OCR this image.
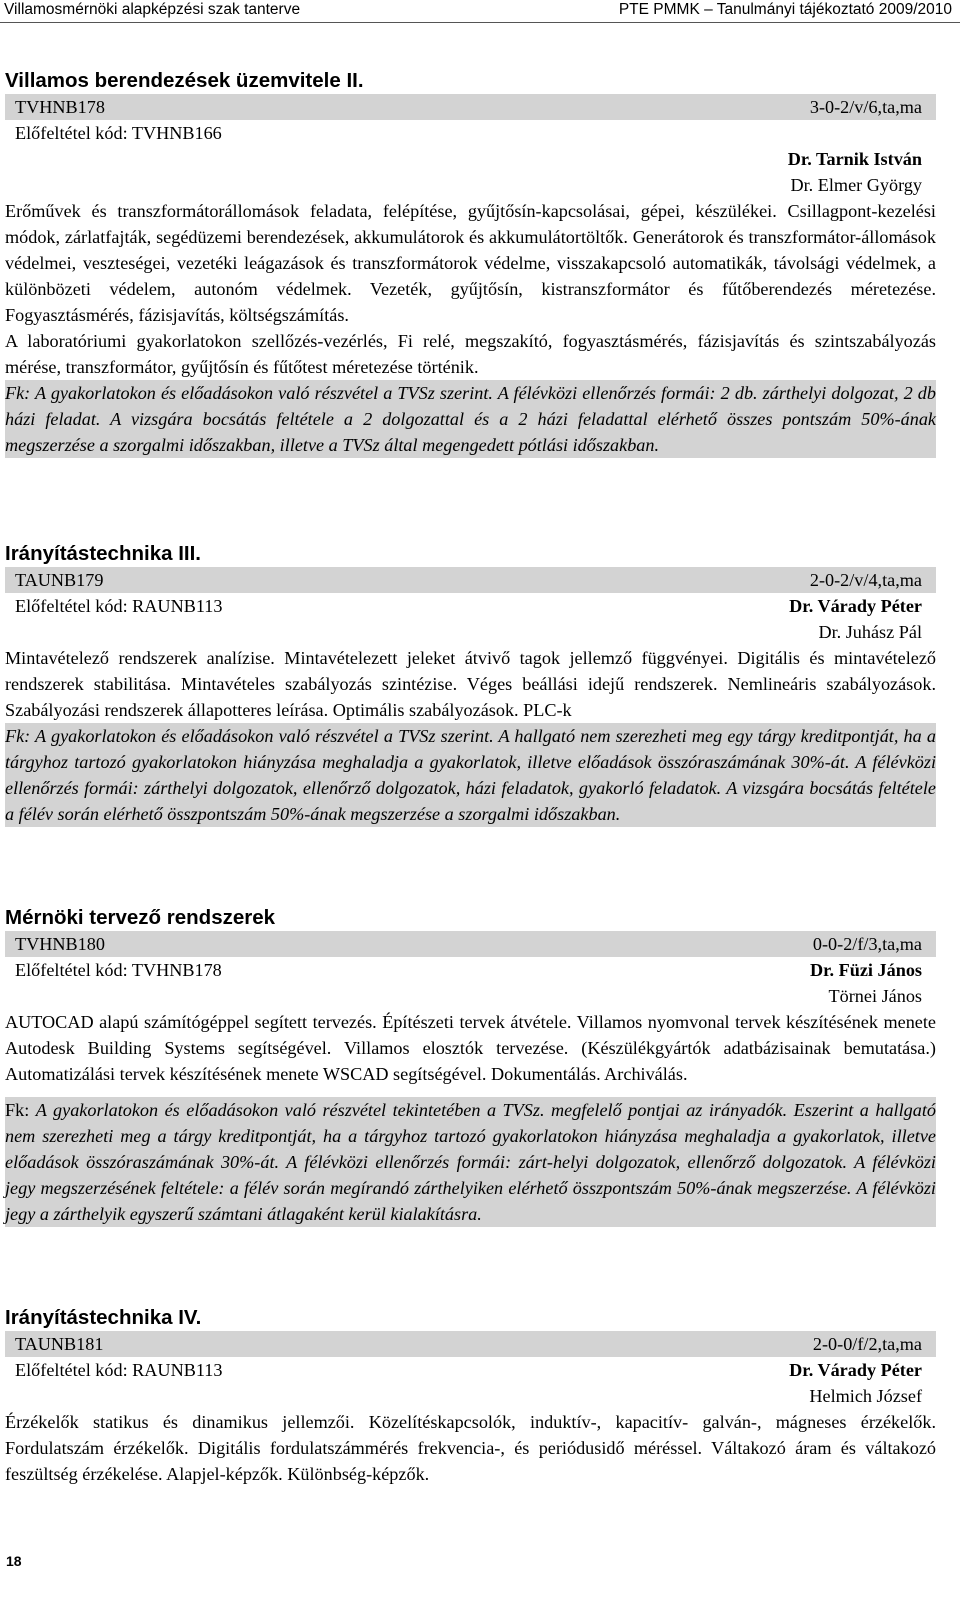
Villamosmérnöki alapképzési szak tanterve	PTE PMMK – Tanulmányi tájékoztató 2009/2010
Villamos berendezések üzemvitele II.
TVHNB178	3-0-2/v/6,ta,ma
Előfeltétel kód: TVHNB166
Dr. Tarnik István
Dr. Elmer György

Erőművek és transzformátorállomások feladata, felépítése, gyűjtősín-kapcsolásai, gépei, készülékei. Csillagpont-kezelési módok, zárlatfajták, segédüzemi berendezések, akkumulátorok és akkumulátortöltők. Generátorok és transzformátor-állomások védelmei, veszteségei, vezetéki leágazások és transzformátorok védelme, visszakapcsoló automatikák, távolsági védelmek, a különbözeti védelem, autonóm védelmek. Vezeték, gyűjtősín, kistranszformátor és fűtőberendezés méretezése. Fogyasztásmérés, fázisjavítás, költségszámítás.

A laboratóriumi gyakorlatokon szellőzés-vezérlés, Fi relé, megszakító, fogyasztásmérés, fázisjavítás és szintszabályozás mérése, transzformátor, gyűjtősín és fűtőtest méretezése történik.

Fk: A gyakorlatokon és előadásokon való részvétel a TVSz szerint. A félévközi ellenőrzés formái: 2 db. zárthelyi dolgozat, 2 db házi feladat. A vizsgára bocsátás feltétele a 2 dolgozattal és a 2 házi feladattal elérhető összes pontszám 50%-ának megszerzése a szorgalmi időszakban, illetve a TVSz által megengedett pótlási időszakban.

Irányítástechnika III.
TAUNB179	2-0-2/v/4,ta,ma
Előfeltétel kód: RAUNB113	Dr. Várady Péter
Dr. Juhász Pál

Mintavételező rendszerek analízise. Mintavételezett jeleket átvivő tagok jellemző függvényei. Digitális és mintavételező rendszerek stabilitása. Mintavételes szabályozás szintézise. Véges beállási idejű rendszerek. Nemlineáris szabályozások. Szabályozási rendszerek állapotteres leírása. Optimális szabályozások. PLC-k

Fk: A gyakorlatokon és előadásokon való részvétel a TVSz szerint. A hallgató nem szerezheti meg egy tárgy kreditpontját, ha a tárgyhoz tartozó gyakorlatokon hiányzása meghaladja a gyakorlatok, illetve előadások összóraszámának 30%-át. A félévközi ellenőrzés formái: zárthelyi dolgozatok, ellenőrző dolgozatok, házi feladatok, gyakorló feladatok. A vizsgára bocsátás feltétele a félév során elérhető összpontszám 50%-ának megszerzése a szorgalmi időszakban.

Mérnöki tervező rendszerek
TVHNB180	0-0-2/f/3,ta,ma
Előfeltétel kód: TVHNB178	Dr. Füzi János
Törnei János

AUTOCAD alapú számítógéppel segített tervezés. Építészeti tervek átvétele. Villamos nyomvonal tervek készítésének menete Autodesk Building Systems segítségével. Villamos elosztók tervezése. (Készülékgyártók adatbázisainak bemutatása.) Automatizálási tervek készítésének menete WSCAD segítségével. Dokumentálás. Archiválás.

Fk: A gyakorlatokon és előadásokon való részvétel tekintetében a TVSz. megfelelő pontjai az irányadók. Eszerint a hallgató nem szerezheti meg a tárgy kreditpontját, ha a tárgyhoz tartozó gyakorlatokon hiányzása meghaladja a gyakorlatok, illetve előadások összóraszámának 30%-át. A félévközi ellenőrzés formái: zárt-helyi dolgozatok, ellenőrző dolgozatok. A félévközi jegy megszerzésének feltétele: a félév során megírandó zárthelyiken elérhető összpontszám 50%-ának megszerzése. A félévközi jegy a zárthelyik egyszerű számtani átlagaként kerül kialakításra.

Irányítástechnika IV.
TAUNB181	2-0-0/f/2,ta,ma
Előfeltétel kód: RAUNB113	Dr. Várady Péter
Helmich József

Érzékelők statikus és dinamikus jellemzői. Közelítéskapcsolók, induktív-, kapacitív- galván-, mágneses érzékelők. Fordulatszám érzékelők. Digitális fordulatszámmérés frekvencia-, és periódusidő méréssel. Váltakozó áram és váltakozó feszültség érzékelése. Alapjel-képzők. Különbség-képzők.

18
